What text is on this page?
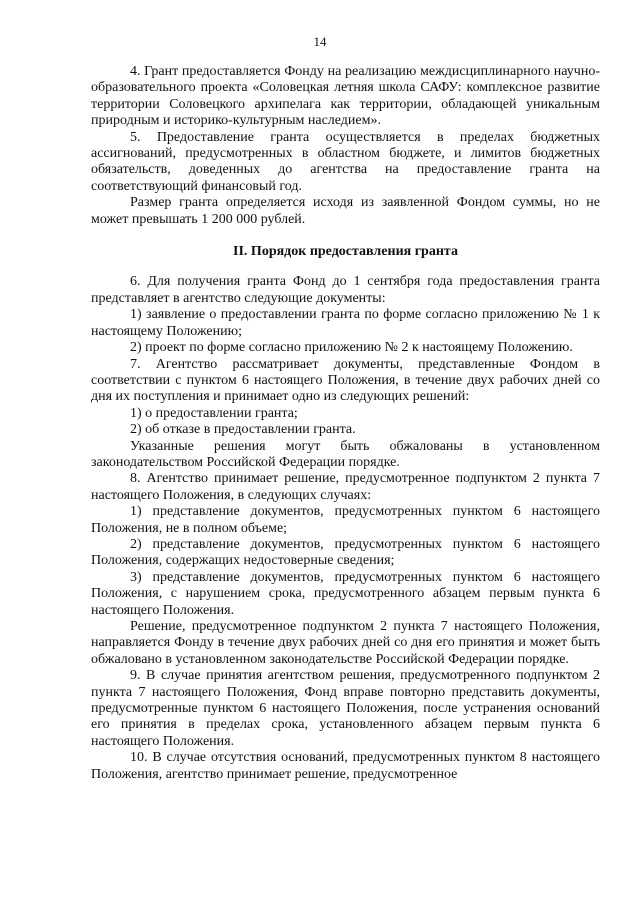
14

4. Грант предоставляется Фонду на реализацию междисциплинарного научно-образовательного проекта «Соловецкая летняя школа САФУ: комплексное развитие территории Соловецкого архипелага как территории, обладающей уникальным природным и историко-культурным наследием».

5. Предоставление гранта осуществляется в пределах бюджетных ассигнований, предусмотренных в областном бюджете, и лимитов бюджетных обязательств, доведенных до агентства на предоставление гранта на соответствующий финансовый год.

Размер гранта определяется исходя из заявленной Фондом суммы, но не может превышать 1 200 000 рублей.

II. Порядок предоставления гранта

6. Для получения гранта Фонд до 1 сентября года предоставления гранта представляет в агентство следующие документы:

1) заявление о предоставлении гранта по форме согласно приложению № 1 к настоящему Положению;

2) проект по форме согласно приложению № 2 к настоящему Положению.

7. Агентство рассматривает документы, представленные Фондом в соответствии с пунктом 6 настоящего Положения, в течение двух рабочих дней со дня их поступления и принимает одно из следующих решений:

1) о предоставлении гранта;

2) об отказе в предоставлении гранта.

Указанные решения могут быть обжалованы в установленном законодательством Российской Федерации порядке.

8. Агентство принимает решение, предусмотренное подпунктом 2 пункта 7 настоящего Положения, в следующих случаях:

1) представление документов, предусмотренных пунктом 6 настоящего Положения, не в полном объеме;

2) представление документов, предусмотренных пунктом 6 настоящего Положения, содержащих недостоверные сведения;

3) представление документов, предусмотренных пунктом 6 настоящего Положения, с нарушением срока, предусмотренного абзацем первым пункта 6 настоящего Положения.

Решение, предусмотренное подпунктом 2 пункта 7 настоящего Положения, направляется Фонду в течение двух рабочих дней со дня его принятия и может быть обжаловано в установленном законодательстве Российской Федерации порядке.

9. В случае принятия агентством решения, предусмотренного подпунктом 2 пункта 7 настоящего Положения, Фонд вправе повторно представить документы, предусмотренные пунктом 6 настоящего Положения, после устранения оснований его принятия в пределах срока, установленного абзацем первым пункта 6 настоящего Положения.

10. В случае отсутствия оснований, предусмотренных пунктом 8 настоящего Положения, агентство принимает решение, предусмотренное
